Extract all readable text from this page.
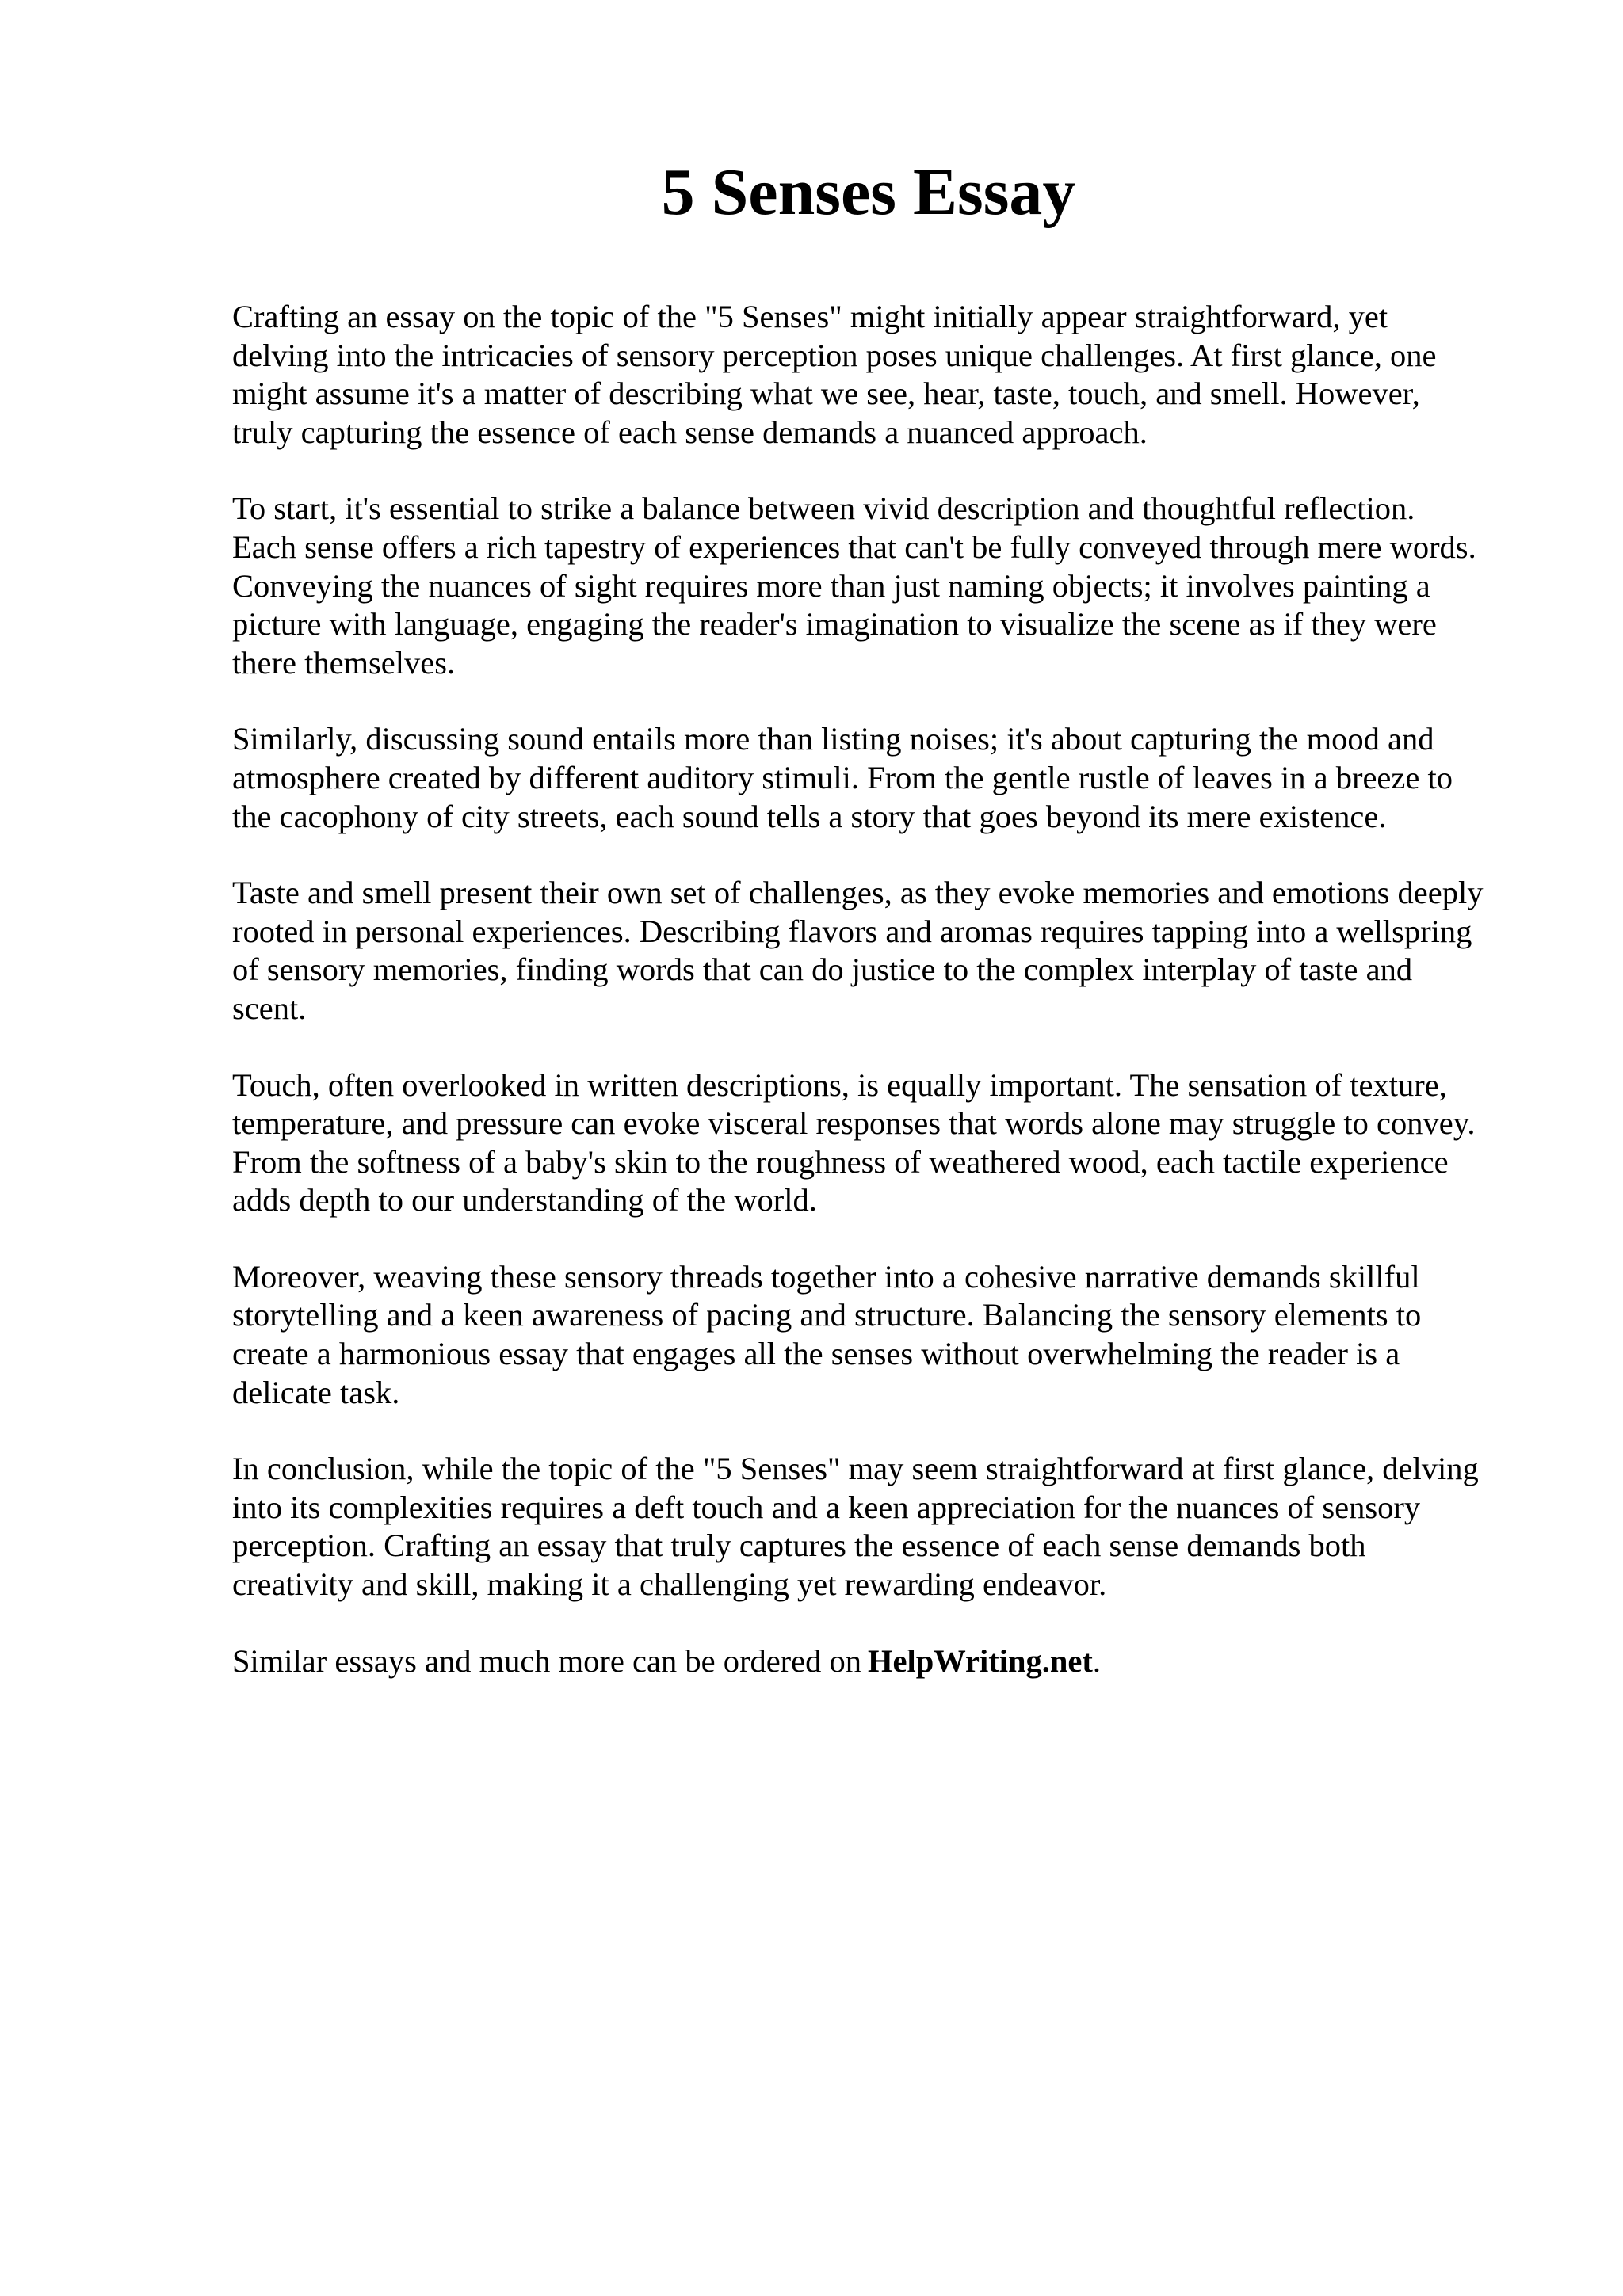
5 Senses Essay

Crafting an essay on the topic of the "5 Senses" might initially appear straightforward, yet
delving into the intricacies of sensory perception poses unique challenges. At first glance, one
might assume it's a matter of describing what we see, hear, taste, touch, and smell. However,
truly capturing the essence of each sense demands a nuanced approach.

To start, it's essential to strike a balance between vivid description and thoughtful reflection.
Each sense offers a rich tapestry of experiences that can't be fully conveyed through mere words.
Conveying the nuances of sight requires more than just naming objects; it involves painting a
picture with language, engaging the reader's imagination to visualize the scene as if they were
there themselves.

Similarly, discussing sound entails more than listing noises; it's about capturing the mood and
atmosphere created by different auditory stimuli. From the gentle rustle of leaves in a breeze to
the cacophony of city streets, each sound tells a story that goes beyond its mere existence.

Taste and smell present their own set of challenges, as they evoke memories and emotions deeply
rooted in personal experiences. Describing flavors and aromas requires tapping into a wellspring
of sensory memories, finding words that can do justice to the complex interplay of taste and
scent.

Touch, often overlooked in written descriptions, is equally important. The sensation of texture,
temperature, and pressure can evoke visceral responses that words alone may struggle to convey.
From the softness of a baby's skin to the roughness of weathered wood, each tactile experience
adds depth to our understanding of the world.

Moreover, weaving these sensory threads together into a cohesive narrative demands skillful
storytelling and a keen awareness of pacing and structure. Balancing the sensory elements to
create a harmonious essay that engages all the senses without overwhelming the reader is a
delicate task.

In conclusion, while the topic of the "5 Senses" may seem straightforward at first glance, delving
into its complexities requires a deft touch and a keen appreciation for the nuances of sensory
perception. Crafting an essay that truly captures the essence of each sense demands both
creativity and skill, making it a challenging yet rewarding endeavor.

Similar essays and much more can be ordered on HelpWriting.net.
